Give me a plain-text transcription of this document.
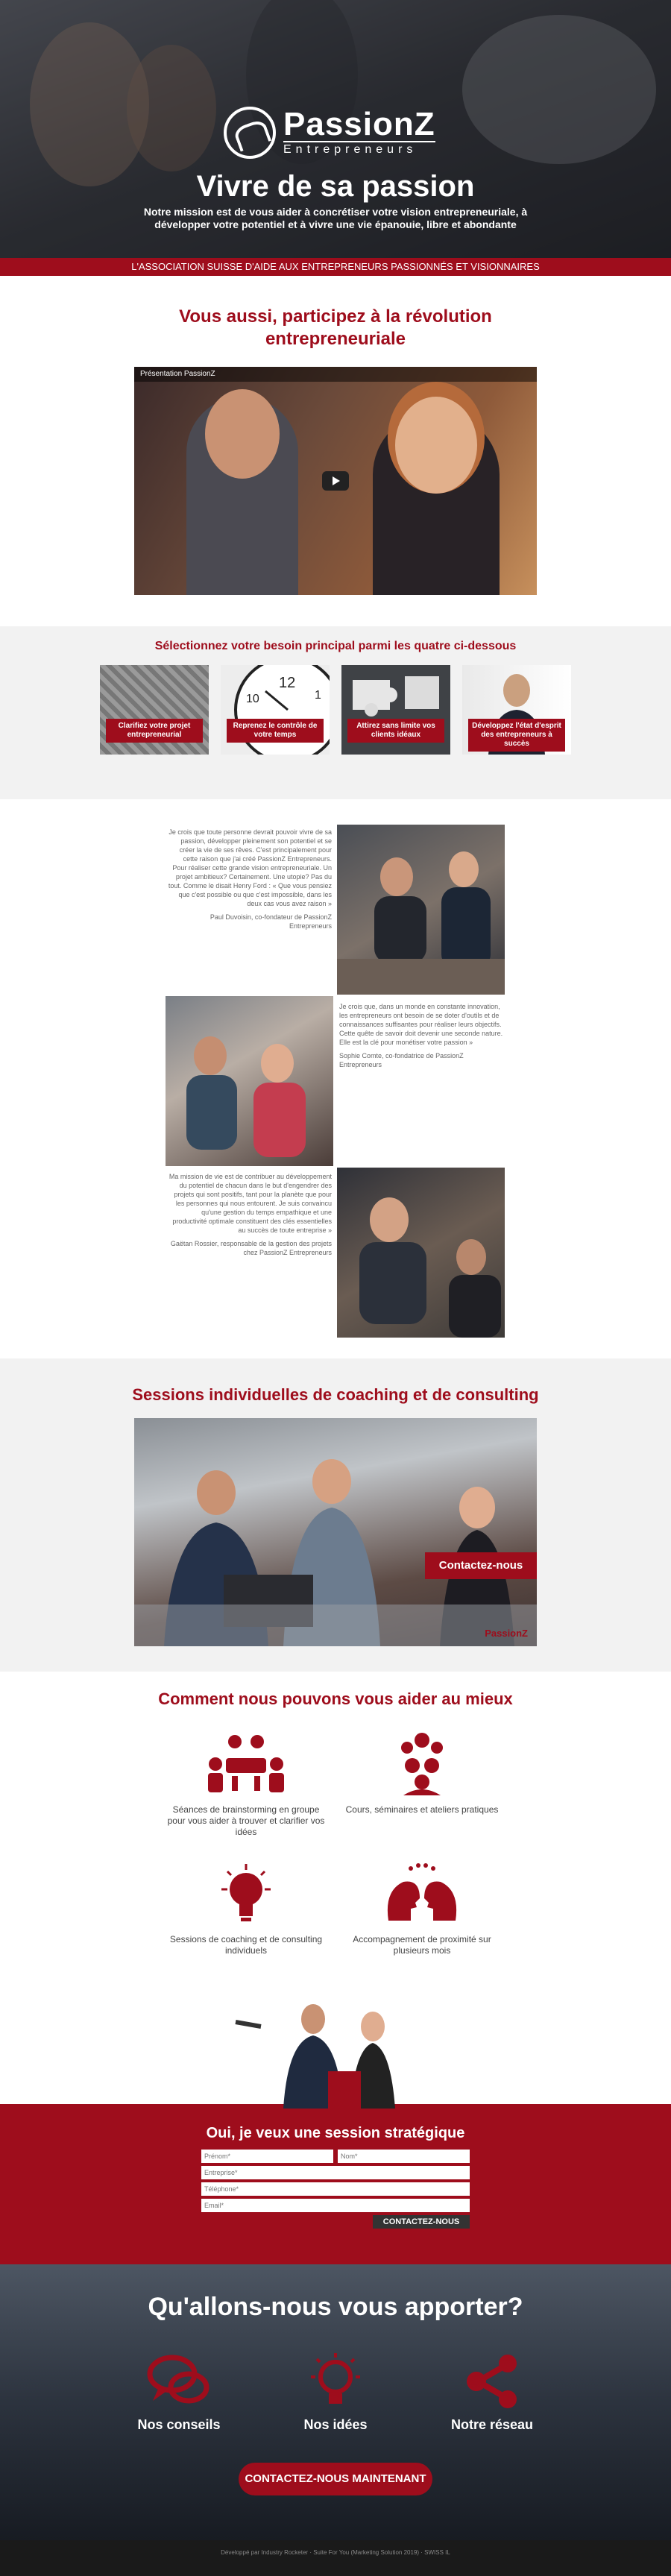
PassionZ
Entrepreneurs
Vivre de sa passion
Notre mission est de vous aider à concrétiser votre vision entrepreneuriale, à développer votre potentiel et à vivre une vie épanouie, libre et abondante
L'ASSOCIATION SUISSE D'AIDE AUX ENTREPRENEURS PASSIONNÉS ET VISIONNAIRES
Vous aussi, participez à la révolution entrepreneuriale
Présentation PassionZ
Sélectionnez votre besoin principal parmi les quatre ci-dessous
Clarifiez votre projet entrepreneurial
12
1
10
Reprenez le contrôle de votre temps
Attirez sans limite vos clients idéaux
Développez l'état d'esprit des entrepreneurs à succès
Je crois que toute personne devrait pouvoir vivre de sa passion, développer pleinement son potentiel et se créer la vie de ses rêves. C'est principalement pour cette raison que j'ai créé PassionZ Entrepreneurs. Pour réaliser cette grande vision entrepreneuriale. Un projet ambitieux? Certainement. Une utopie? Pas du tout. Comme le disait Henry Ford : « Que vous pensiez que c'est possible ou que c'est impossible, dans les deux cas vous avez raison »
Paul Duvoisin, co-fondateur de PassionZ Entrepreneurs
Je crois que, dans un monde en constante innovation, les entrepreneurs ont besoin de se doter d'outils et de connaissances suffisantes pour réaliser leurs objectifs. Cette quête de savoir doit devenir une seconde nature. Elle est la clé pour monétiser votre passion »
Sophie Comte, co-fondatrice de PassionZ Entrepreneurs
Ma mission de vie est de contribuer au développement du potentiel de chacun dans le but d'engendrer des projets qui sont positifs, tant pour la planète que pour les personnes qui nous entourent. Je suis convaincu qu'une gestion du temps empathique et une productivité optimale constituent des clés essentielles au succès de toute entreprise »
Gaëtan Rossier, responsable de la gestion des projets chez PassionZ Entrepreneurs
Sessions individuelles de coaching et de consulting
Contactez-nous
PassionZ
Comment nous pouvons vous aider au mieux
Séances de brainstorming en groupe pour vous aider à trouver et clarifier vos idées
Cours, séminaires et ateliers pratiques
Sessions de coaching et de consulting individuels
Accompagnement de proximité sur plusieurs mois
Oui, je veux une session stratégique
Prénom*
Nom*
Entreprise*
Téléphone*
Email*
CONTACTEZ-NOUS
Qu'allons-nous vous apporter?
Nos conseils	Nos idées	Notre réseau
CONTACTEZ-NOUS MAINTENANT
Développé par Industry Rocketer · Suite For You (Marketing Solution 2019) · SWISS IL
